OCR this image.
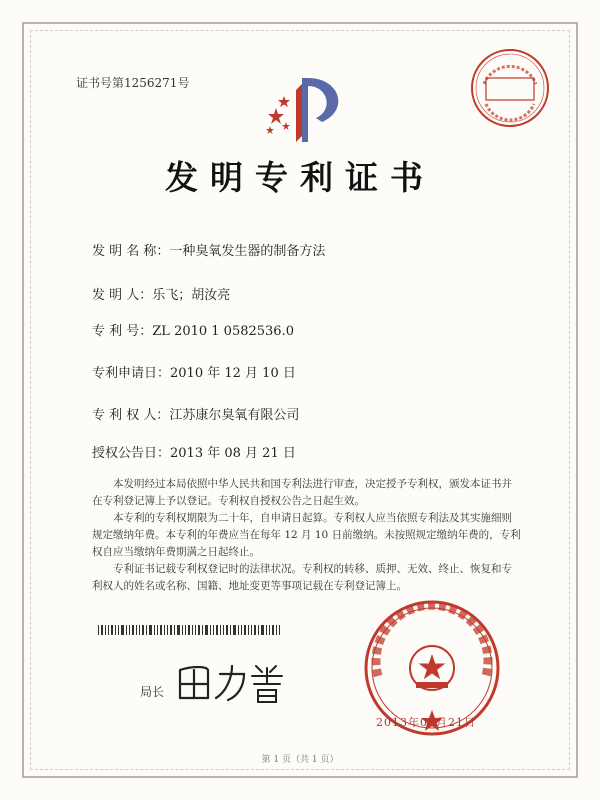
证书号第1256271号
发明专利证书
发 明 名 称：一种臭氧发生器的制备方法
发 明 人：乐飞；胡汝亮
专 利 号：ZL 2010 1 0582536.0
专利申请日：2010 年 12 月 10 日
专 利 权 人：江苏康尔臭氧有限公司
授权公告日：2013 年 08 月 21 日

本发明经过本局依照中华人民共和国专利法进行审查，决定授予专利权，颁发本证书并在专利登记簿上予以登记。专利权自授权公告之日起生效。

本专利的专利权期限为二十年，自申请日起算。专利权人应当依照专利法及其实施细则规定缴纳年费。本专利的年费应当在每年 12 月 10 日前缴纳。未按照规定缴纳年费的，专利权自应当缴纳年费期满之日起终止。

专利证书记载专利权登记时的法律状况。专利权的转移、质押、无效、终止、恢复和专利权人的姓名或名称、国籍、地址变更等事项记载在专利登记簿上。

局长
2013年08月21日
第 1 页（共 1 页）
